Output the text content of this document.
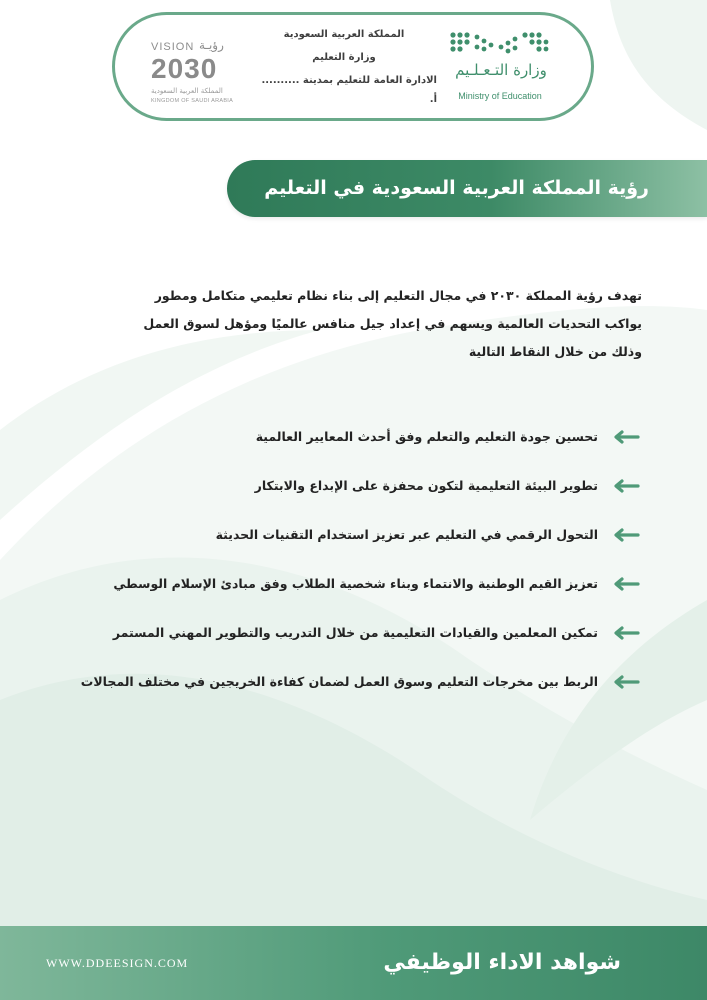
VISION رؤيـة
2030
المملكة العربية السعودية
KINGDOM OF SAUDI ARABIA
المملكة العربية السعودية
وزارة التعليم
الادارة العامة للتعليم بمدينة ..........
أ.
وزارة التـعـلـيم
Ministry of Education
رؤية المملكة العربية السعودية في التعليم
تهدف رؤية المملكة ٢٠٣٠ في مجال التعليم إلى بناء نظام تعليمي متكامل ومطور
يواكب التحديات العالمية ويسهم في إعداد جيل منافس عالميًا ومؤهل لسوق العمل
وذلك من خلال النقاط التالية
تحسين جودة التعليم والتعلم وفق أحدث المعايير العالمية
تطوير البيئة التعليمية لتكون محفزة على الإبداع والابتكار
التحول الرقمي في التعليم عبر تعزيز استخدام التقنيات الحديثة
تعزيز القيم الوطنية والانتماء وبناء شخصية الطلاب وفق مبادئ الإسلام الوسطي
تمكين المعلمين والقيادات التعليمية من خلال التدريب والتطوير المهني المستمر
الربط بين مخرجات التعليم وسوق العمل لضمان كفاءة الخريجين في مختلف المجالات
WWW.DDEESIGN.COM	شواهد الاداء الوظيفي
